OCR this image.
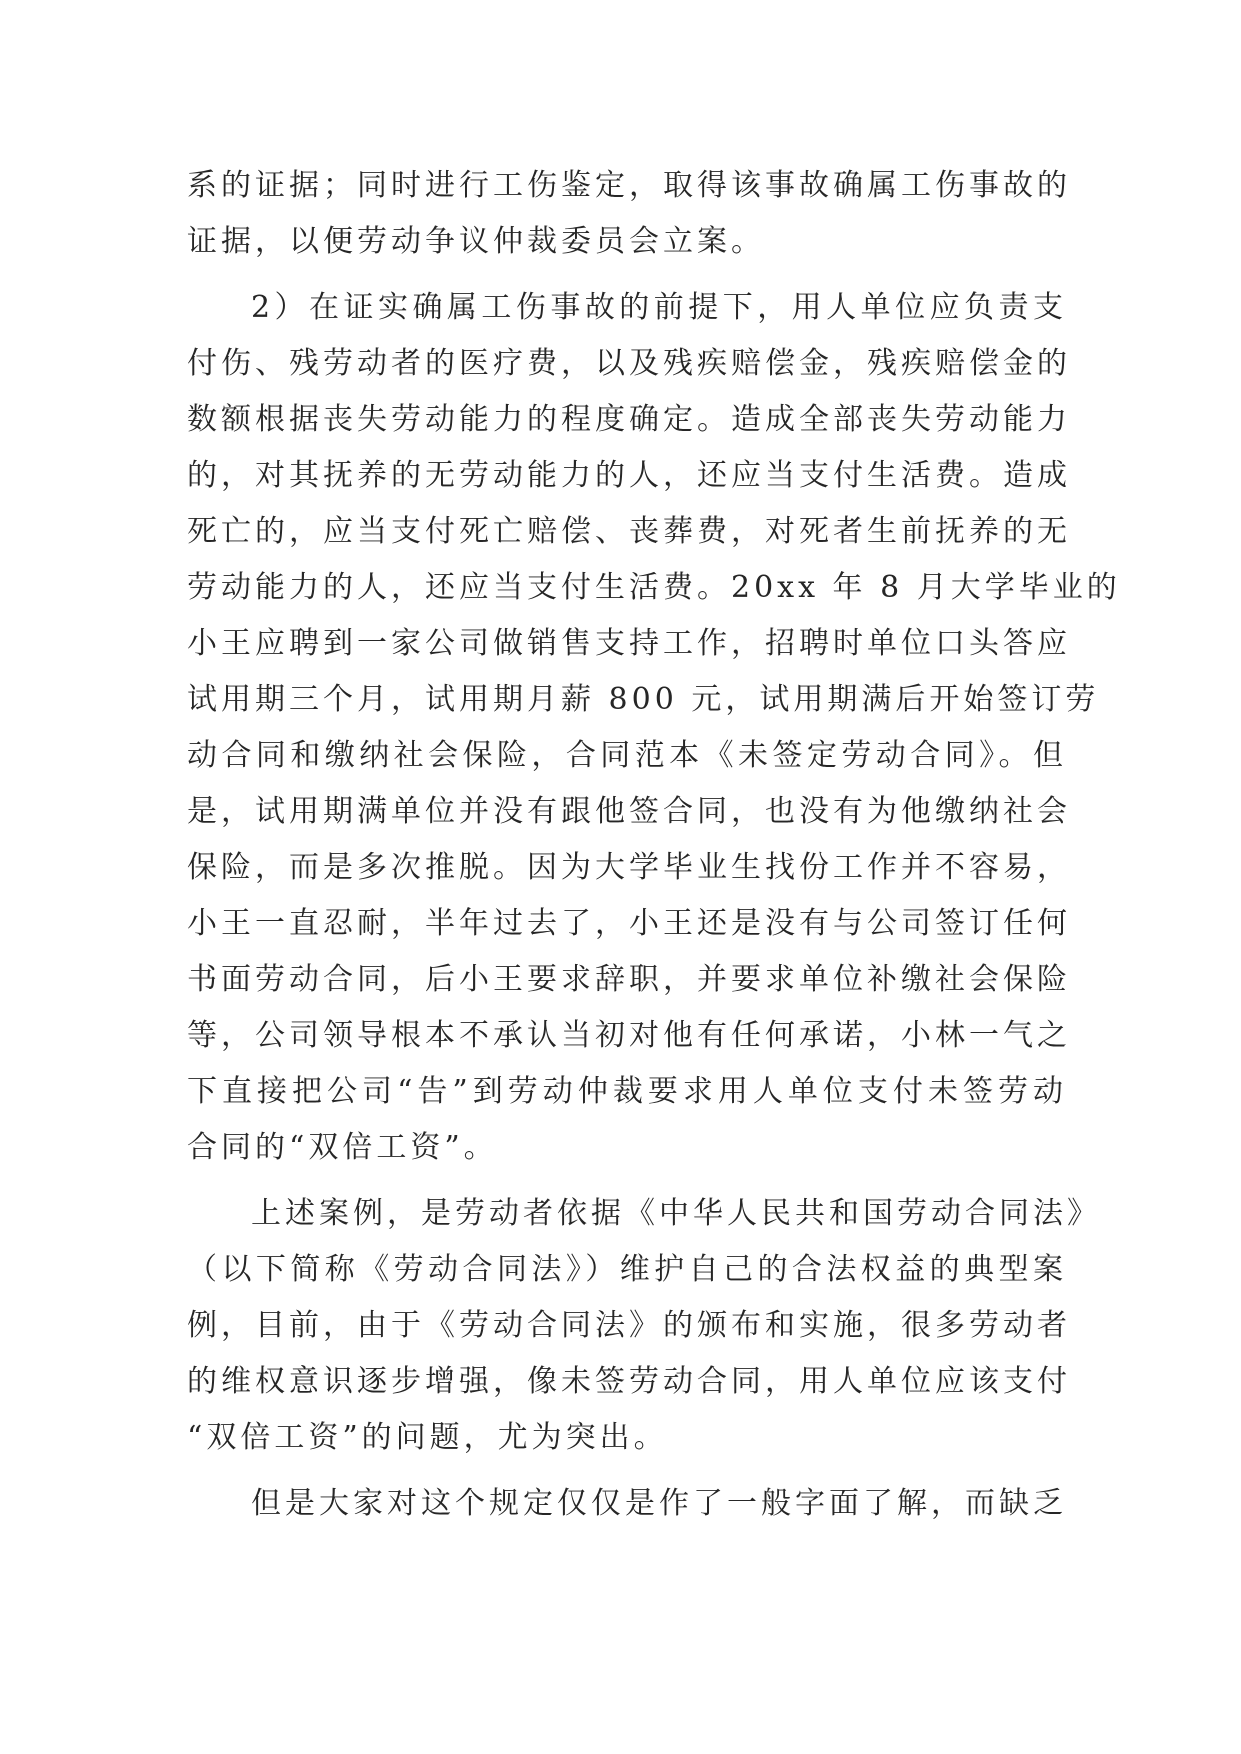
系的证据；同时进行工伤鉴定，取得该事故确属工伤事故的
证据，以便劳动争议仲裁委员会立案。
2）在证实确属工伤事故的前提下，用人单位应负责支
付伤、残劳动者的医疗费，以及残疾赔偿金，残疾赔偿金的
数额根据丧失劳动能力的程度确定。造成全部丧失劳动能力
的，对其抚养的无劳动能力的人，还应当支付生活费。造成
死亡的，应当支付死亡赔偿、丧葬费，对死者生前抚养的无
劳动能力的人，还应当支付生活费。20xx 年 8 月大学毕业的
小王应聘到一家公司做销售支持工作，招聘时单位口头答应
试用期三个月，试用期月薪 800 元，试用期满后开始签订劳
动合同和缴纳社会保险，合同范本《未签定劳动合同》。但
是，试用期满单位并没有跟他签合同，也没有为他缴纳社会
保险，而是多次推脱。因为大学毕业生找份工作并不容易，
小王一直忍耐，半年过去了，小王还是没有与公司签订任何
书面劳动合同，后小王要求辞职，并要求单位补缴社会保险
等，公司领导根本不承认当初对他有任何承诺，小林一气之
下直接把公司“告”到劳动仲裁要求用人单位支付未签劳动
合同的“双倍工资”。
上述案例，是劳动者依据《中华人民共和国劳动合同法》
（以下简称《劳动合同法》）维护自己的合法权益的典型案
例，目前，由于《劳动合同法》的颁布和实施，很多劳动者
的维权意识逐步增强，像未签劳动合同，用人单位应该支付
“双倍工资”的问题，尤为突出。
但是大家对这个规定仅仅是作了一般字面了解，而缺乏
